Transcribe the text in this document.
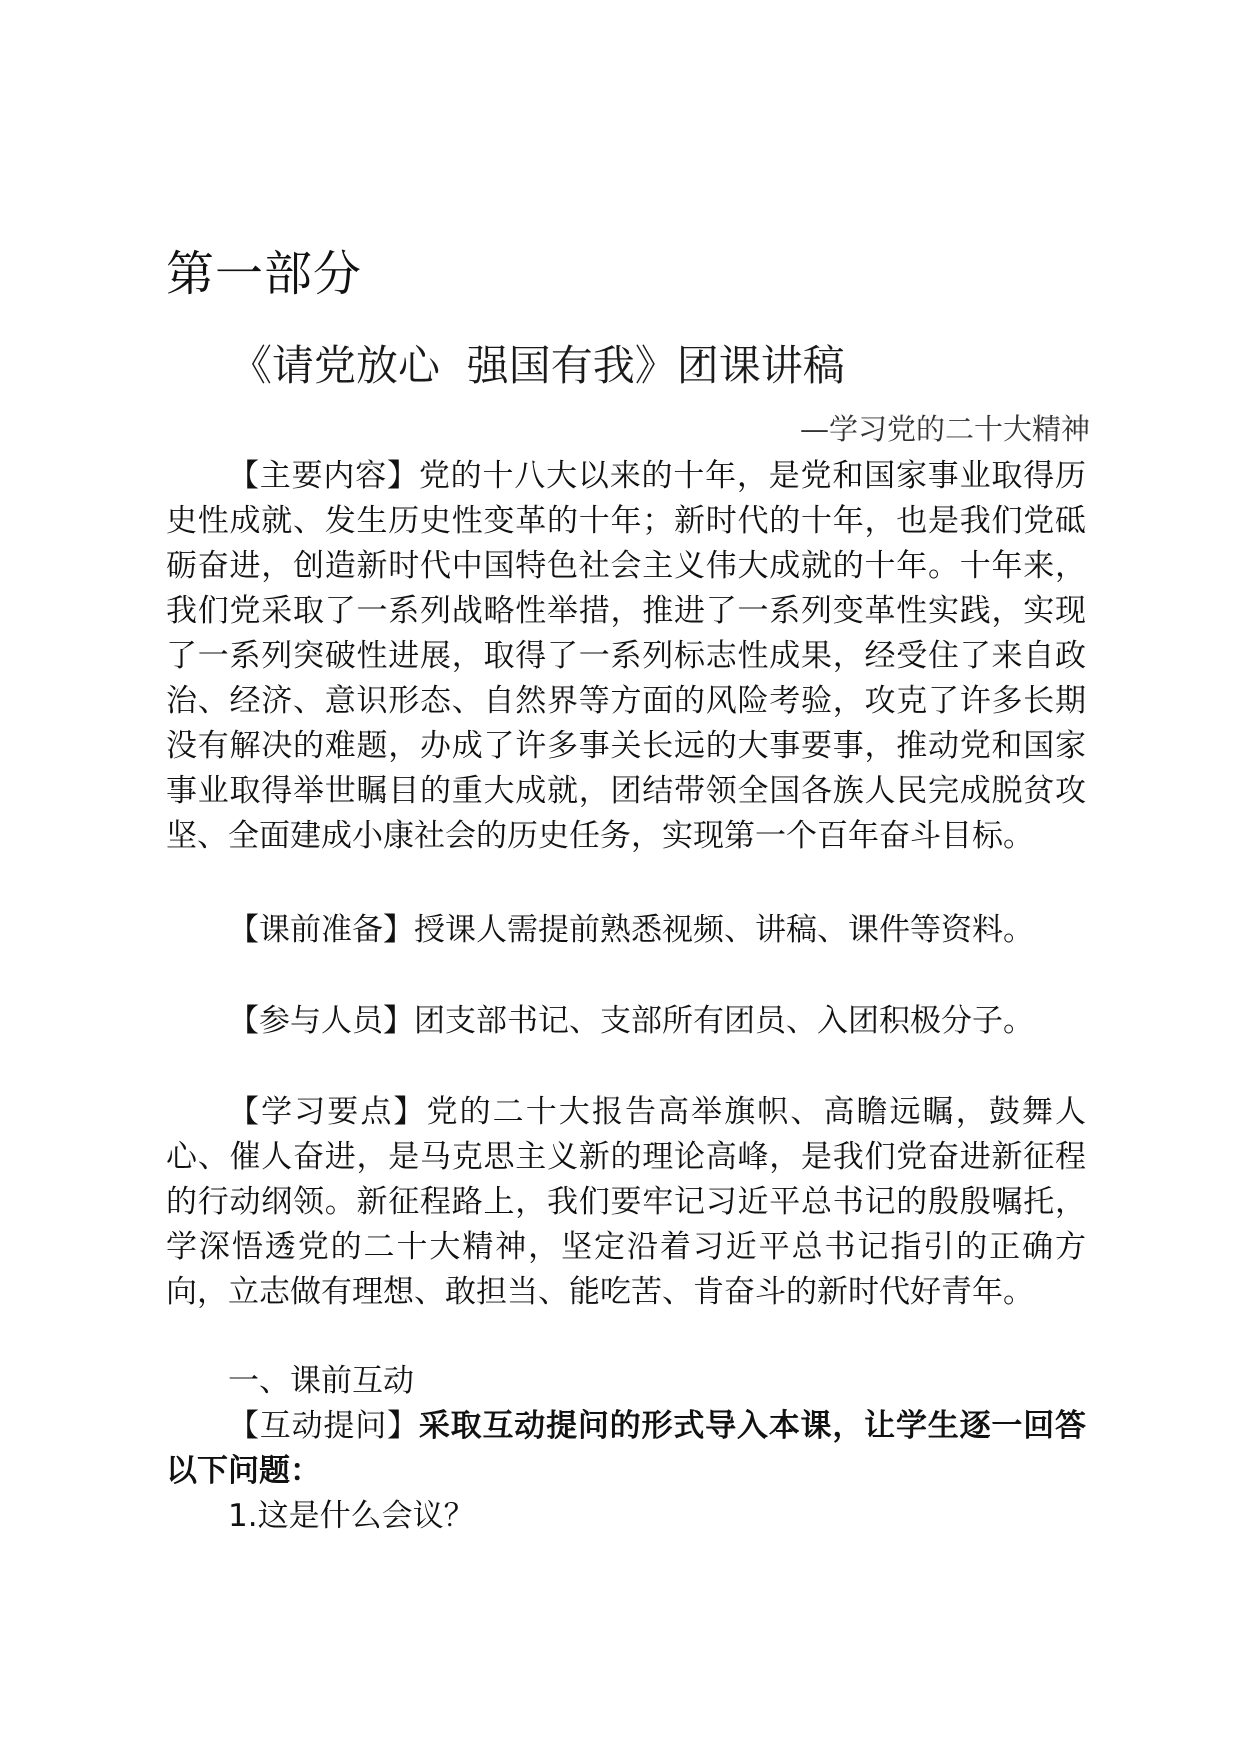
第一部分
《请党放心  强国有我》团课讲稿
—学习党的二十大精神

【主要内容】党的十八大以来的十年，是党和国家事业取得历史性成就、发生历史性变革的十年；新时代的十年，也是我们党砥砺奋进，创造新时代中国特色社会主义伟大成就的十年。十年来，我们党采取了一系列战略性举措，推进了一系列变革性实践，实现了一系列突破性进展，取得了一系列标志性成果，经受住了来自政治、经济、意识形态、自然界等方面的风险考验，攻克了许多长期没有解决的难题，办成了许多事关长远的大事要事，推动党和国家事业取得举世瞩目的重大成就，团结带领全国各族人民完成脱贫攻坚、全面建成小康社会的历史任务，实现第一个百年奋斗目标。

【课前准备】授课人需提前熟悉视频、讲稿、课件等资料。

【参与人员】团支部书记、支部所有团员、入团积极分子。

【学习要点】党的二十大报告高举旗帜、高瞻远瞩，鼓舞人心、催人奋进，是马克思主义新的理论高峰，是我们党奋进新征程的行动纲领。新征程路上，我们要牢记习近平总书记的殷殷嘱托，学深悟透党的二十大精神，坚定沿着习近平总书记指引的正确方向，立志做有理想、敢担当、能吃苦、肯奋斗的新时代好青年。

一、课前互动

【互动提问】采取互动提问的形式导入本课，让学生逐一回答以下问题：

1.这是什么会议？
